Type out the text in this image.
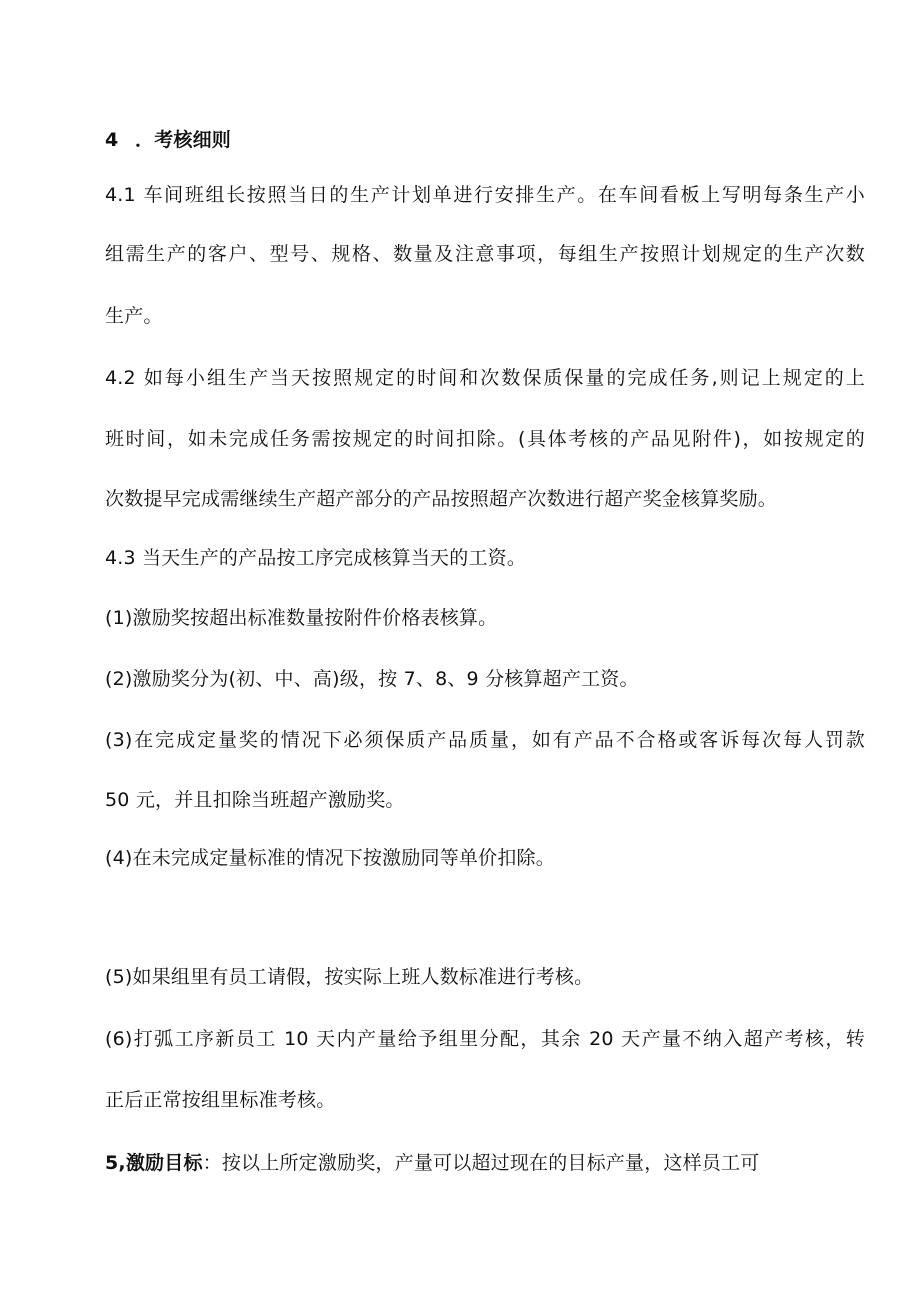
4 ．考核细则
4.1 车间班组长按照当日的生产计划单进行安排生产。在车间看板上写明每条生产小
组需生产的客户、型号、规格、数量及注意事项，每组生产按照计划规定的生产次数
生产。
4.2 如每小组生产当天按照规定的时间和次数保质保量的完成任务,则记上规定的上
班时间，如未完成任务需按规定的时间扣除。(具体考核的产品见附件)，如按规定的
次数提早完成需继续生产超产部分的产品按照超产次数进行超产奖金核算奖励。
4.3 当天生产的产品按工序完成核算当天的工资。
(1)激励奖按超出标准数量按附件价格表核算。
(2)激励奖分为(初、中、高)级，按 7、8、9 分核算超产工资。
(3)在完成定量奖的情况下必须保质产品质量，如有产品不合格或客诉每次每人罚款
50 元，并且扣除当班超产激励奖。
(4)在未完成定量标准的情况下按激励同等单价扣除。
(5)如果组里有员工请假，按实际上班人数标准进行考核。
(6)打弧工序新员工 10 天内产量给予组里分配，其余 20 天产量不纳入超产考核，转
正后正常按组里标准考核。
5,激励目标：按以上所定激励奖，产量可以超过现在的目标产量，这样员工可
